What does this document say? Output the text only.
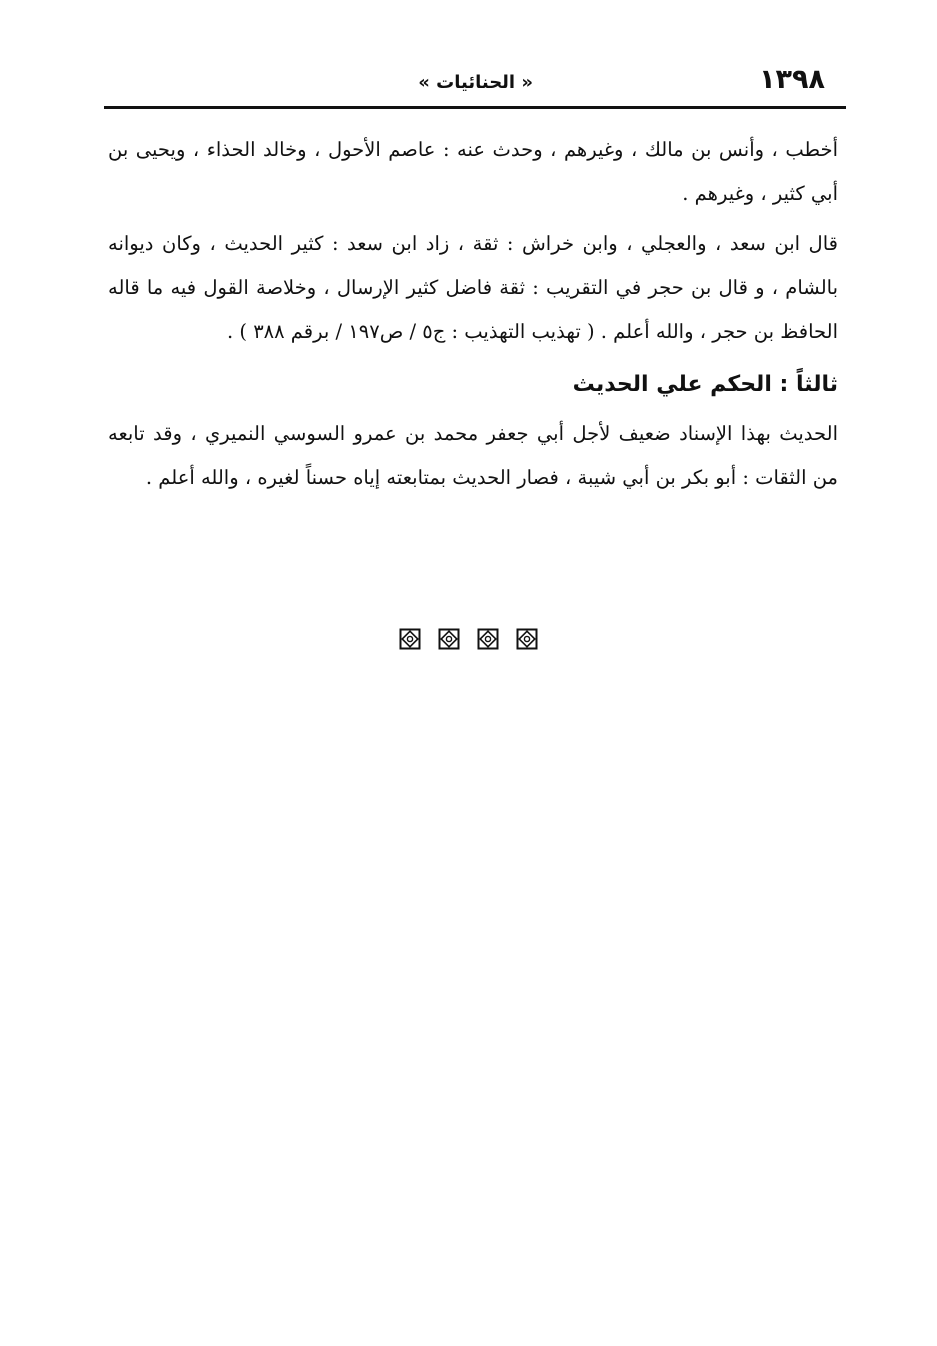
١٣٩٨
« الحنائيات »

أخطب ، وأنس بن مالك ، وغيرهم ، وحدث عنه : عاصم الأحول ، وخالد الحذاء ، ويحيى بن أبي كثير ، وغيرهم .

قال ابن سعد ، والعجلي ، وابن خراش : ثقة ، زاد ابن سعد : كثير الحديث ، وكان ديوانه بالشام ، و قال بن حجر في التقريب : ثقة فاضل كثير الإرسال ، وخلاصة القول فيه ما قاله الحافظ بن حجر ، والله أعلم . ( تهذيب التهذيب : ج٥ / ص١٩٧ / برقم ٣٨٨ ) .

ثالثاً : الحكم علي الحديث

الحديث بهذا الإسناد ضعيف لأجل أبي جعفر محمد بن عمرو السوسي النميري ، وقد تابعه من الثقات : أبو بكر بن أبي شيبة ، فصار الحديث بمتابعته إياه حسناً لغيره ، والله أعلم .
